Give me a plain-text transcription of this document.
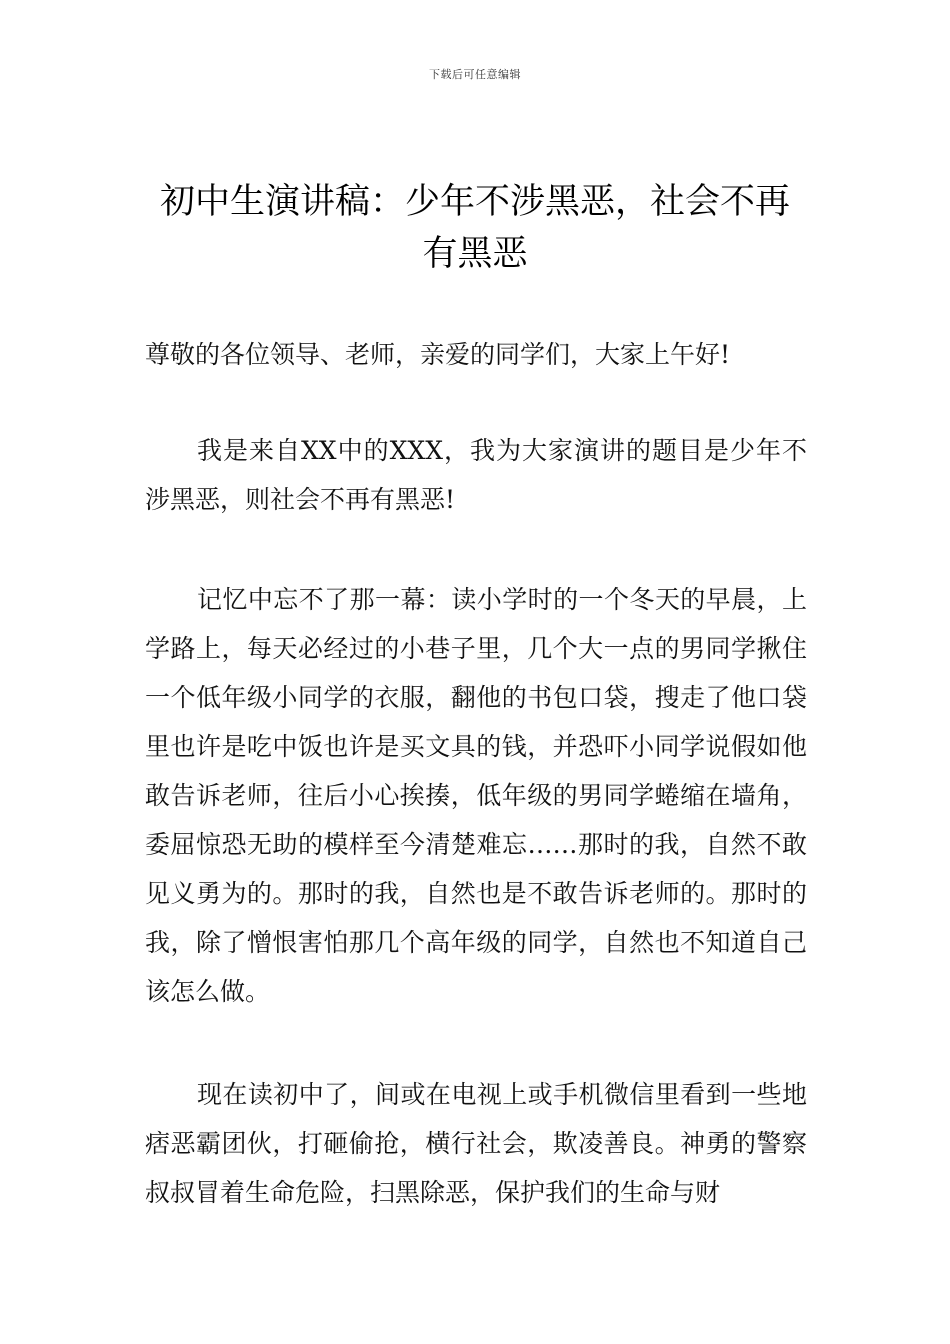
下载后可任意编辑
初中生演讲稿：少年不涉黑恶，社会不再有黑恶

尊敬的各位领导、老师，亲爱的同学们，大家上午好!

我是来自XX中的XXX，我为大家演讲的题目是少年不涉黑恶，则社会不再有黑恶!

记忆中忘不了那一幕：读小学时的一个冬天的早晨，上学路上，每天必经过的小巷子里，几个大一点的男同学揪住一个低年级小同学的衣服，翻他的书包口袋，搜走了他口袋里也许是吃中饭也许是买文具的钱，并恐吓小同学说假如他敢告诉老师，往后小心挨揍，低年级的男同学蜷缩在墙角，委屈惊恐无助的模样至今清楚难忘……那时的我，自然不敢见义勇为的。那时的我，自然也是不敢告诉老师的。那时的我，除了憎恨害怕那几个高年级的同学，自然也不知道自己该怎么做。

现在读初中了，间或在电视上或手机微信里看到一些地痞恶霸团伙，打砸偷抢，横行社会，欺凌善良。神勇的警察叔叔冒着生命危险，扫黑除恶，保护我们的生命与财
